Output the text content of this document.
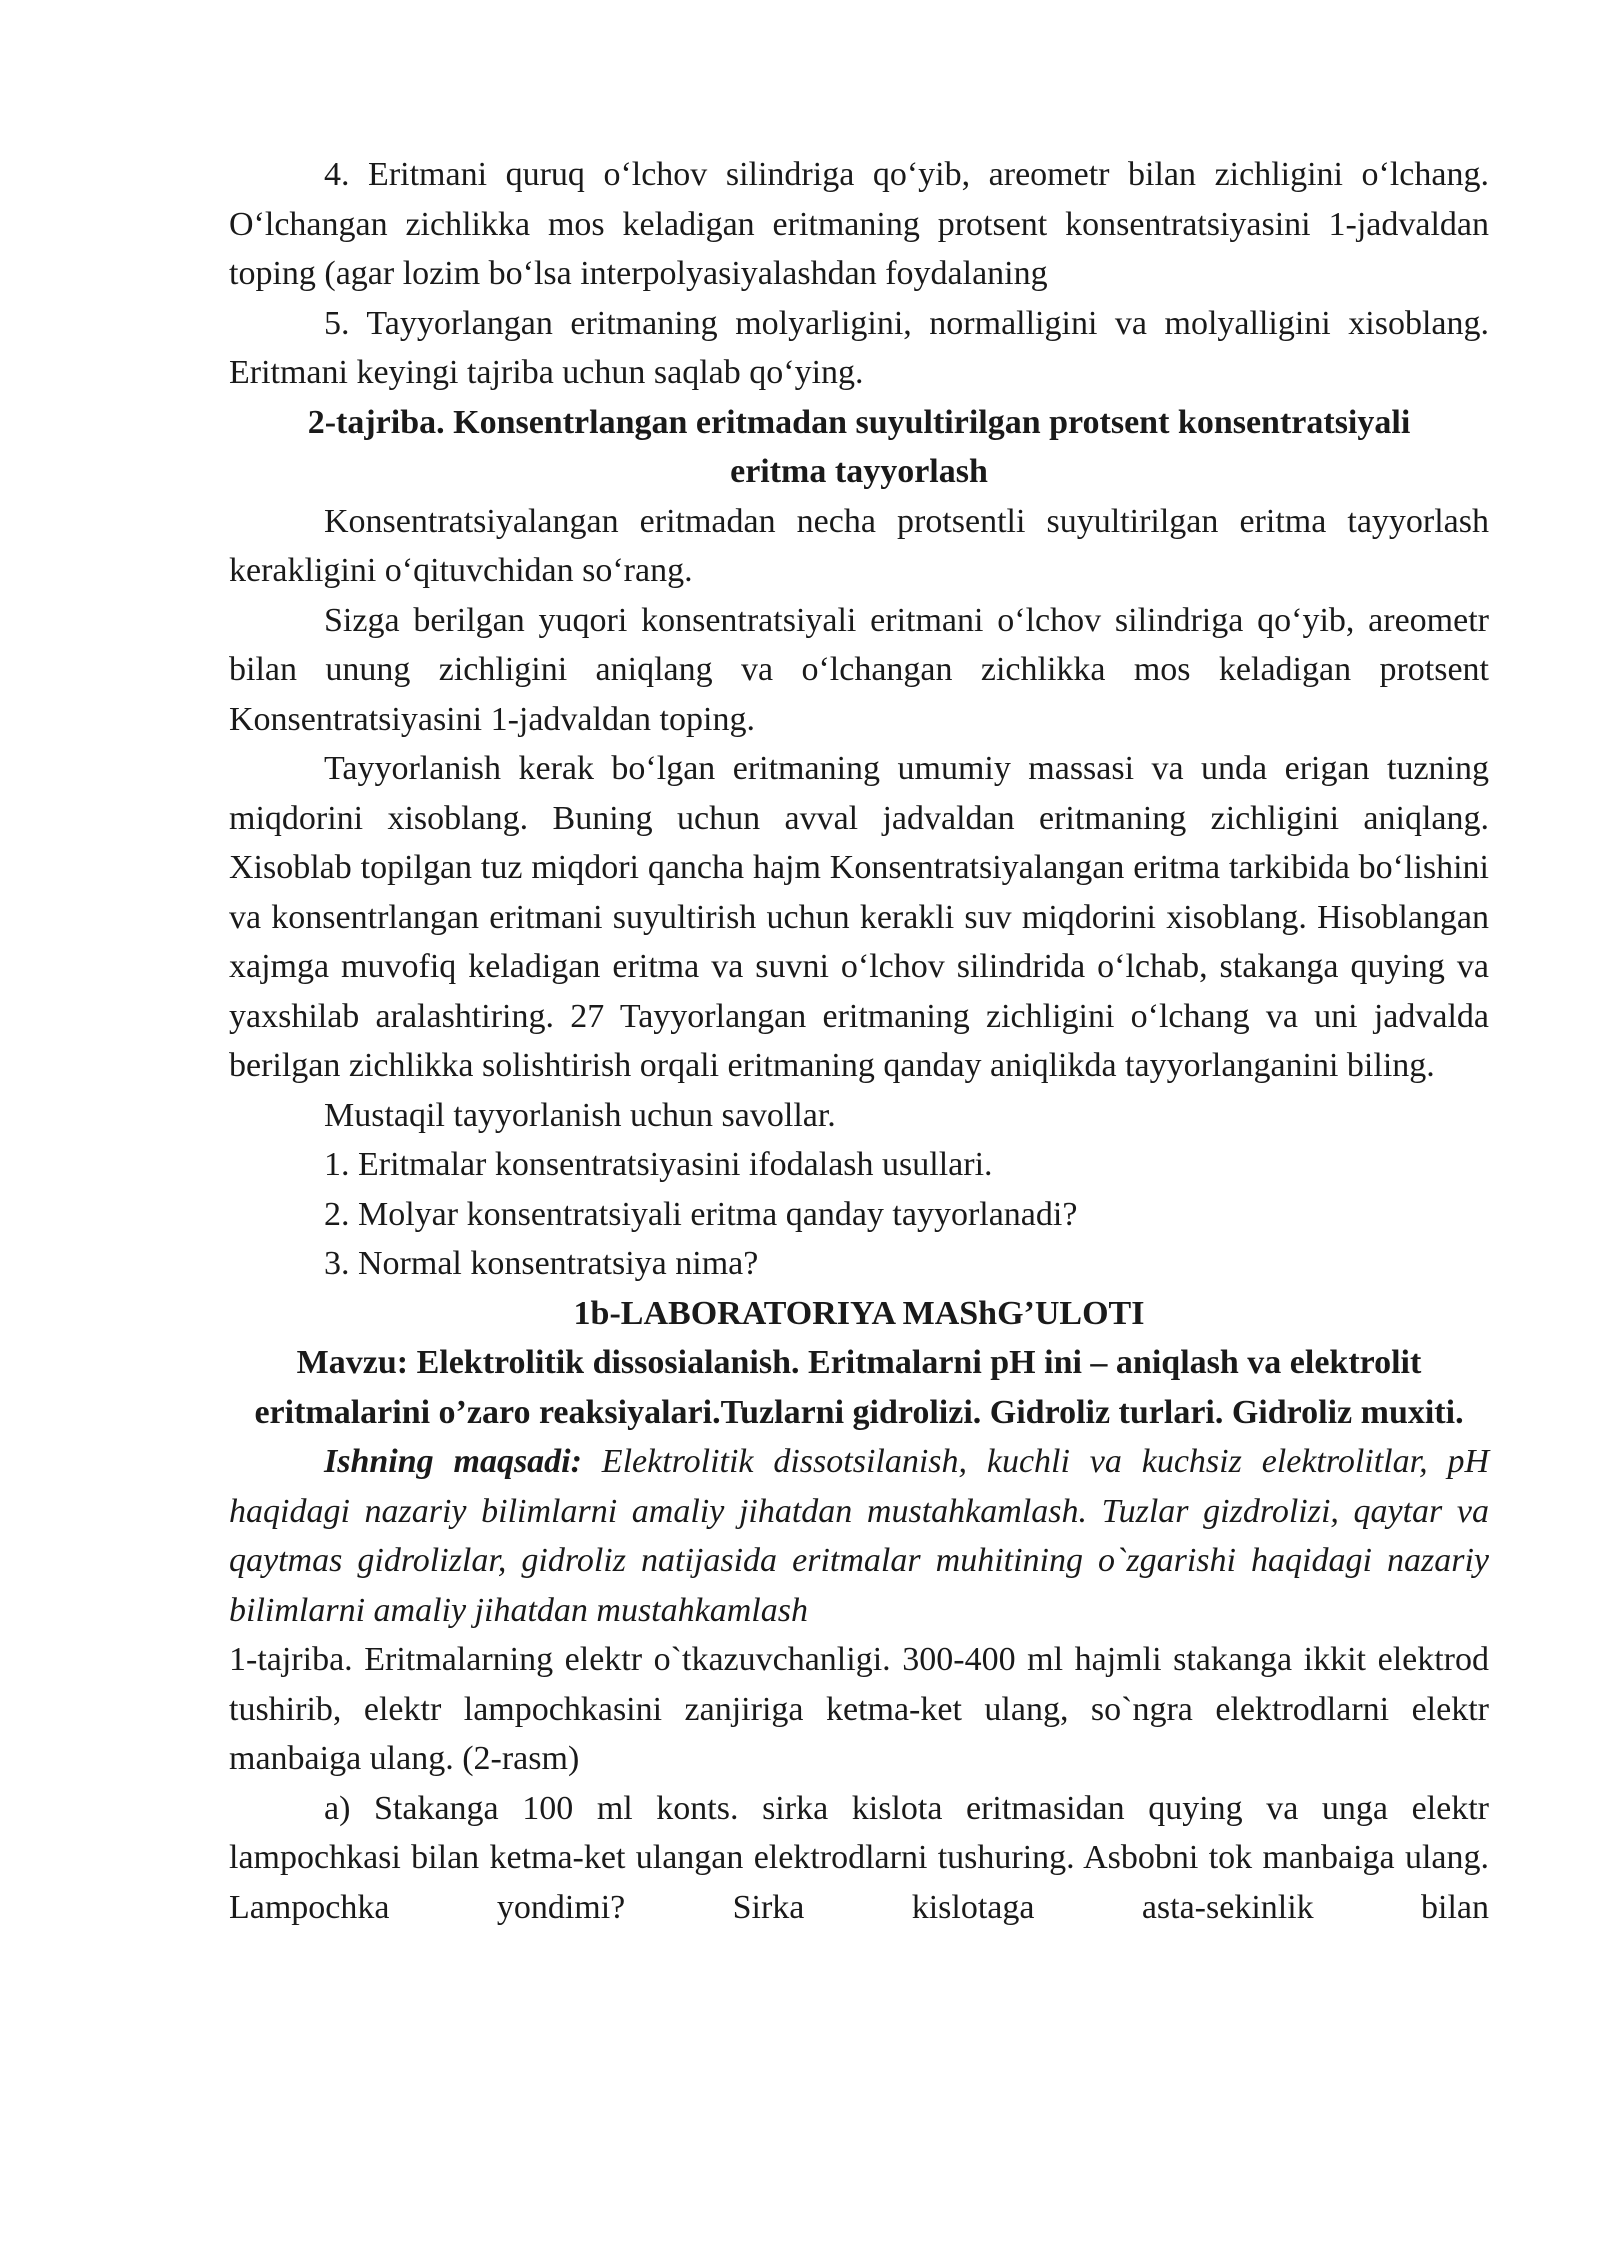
4. Eritmani quruq oʻlchov silindriga qoʻyib, areometr bilan zichligini oʻlchang. Oʻlchangan zichlikka mos keladigan eritmaning protsent konsentratsiyasini 1-jadvaldan toping (agar lozim boʻlsa interpolyasiyalashdan foydalaning

5. Tayyorlangan eritmaning molyarligini, normalligini va molyalligini xisoblang. Eritmani keyingi tajriba uchun saqlab qoʻying.

2-tajriba. Konsentrlangan eritmadan suyultirilgan protsent konsentratsiyali eritma tayyorlash

Konsentratsiyalangan eritmadan necha protsentli suyultirilgan eritma tayyorlash kerakligini oʻqituvchidan soʻrang.

Sizga berilgan yuqori konsentratsiyali eritmani oʻlchov silindriga qoʻyib, areometr bilan unung zichligini aniqlang va oʻlchangan zichlikka mos keladigan protsent Konsentratsiyasini 1-jadvaldan toping.

Tayyorlanish kerak boʻlgan eritmaning umumiy massasi va unda erigan tuzning miqdorini xisoblang. Buning uchun avval jadvaldan eritmaning zichligini aniqlang. Xisoblab topilgan tuz miqdori qancha hajm Konsentratsiyalangan eritma tarkibida boʻlishini va konsentrlangan eritmani suyultirish uchun kerakli suv miqdorini xisoblang. Hisoblangan xajmga muvofiq keladigan eritma va suvni oʻlchov silindrida oʻlchab, stakanga quying va yaxshilab aralashtiring. 27 Tayyorlangan eritmaning zichligini oʻlchang va uni jadvalda berilgan zichlikka solishtirish orqali eritmaning qanday aniqlikda tayyorlanganini biling.

Mustaqil tayyorlanish uchun savollar.

1. Eritmalar konsentratsiyasini ifodalash usullari.

2. Molyar konsentratsiyali eritma qanday tayyorlanadi?

3. Normal konsentratsiya nima?

1b-LABORATORIYA MAShG’ULOTI

Mavzu: Elektrolitik dissosialanish. Eritmalarni pH ini – aniqlash va elektrolit eritmalarini o’zaro reaksiyalari.Tuzlarni gidrolizi. Gidroliz turlari. Gidroliz muxiti.

Ishning maqsadi: Elektrolitik dissotsilanish, kuchli va kuchsiz elektrolitlar, pH haqidagi nazariy bilimlarni amaliy jihatdan mustahkamlash. Tuzlar gizdrolizi, qaytar va qaytmas gidrolizlar, gidroliz natijasida eritmalar muhitining o`zgarishi haqidagi nazariy bilimlarni amaliy jihatdan mustahkamlash

1-tajriba. Eritmalarning elektr o`tkazuvchanligi. 300-400 ml hajmli stakanga ikkit elektrod tushirib, elektr lampochkasini zanjiriga ketma-ket ulang, so`ngra elektrodlarni elektr manbaiga ulang. (2-rasm)

a) Stakanga 100 ml konts. sirka kislota eritmasidan quying va unga elektr lampochkasi bilan ketma-ket ulangan elektrodlarni tushuring. Asbobni tok manbaiga ulang. Lampochka yondimi? Sirka kislotaga asta-sekinlik bilan
